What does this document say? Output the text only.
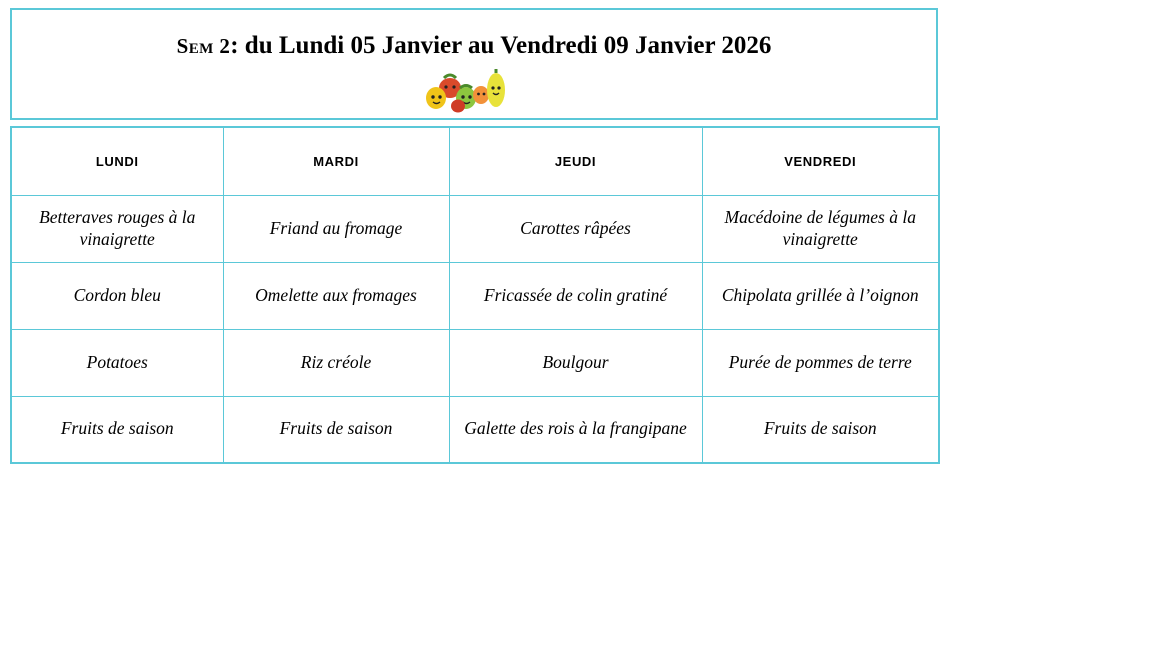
Sem 2: du Lundi 05 Janvier au Vendredi 09 Janvier 2026
LUNDI	MARDI	JEUDI	VENDREDI
Betteraves rouges à la vinaigrette	Friand au fromage	Carottes râpées	Macédoine de légumes à la vinaigrette
Cordon bleu	Omelette aux fromages	Fricassée de colin gratiné	Chipolata grillée à l’oignon
Potatoes	Riz créole	Boulgour	Purée de pommes de terre
Fruits de saison	Fruits de saison	Galette des rois à la frangipane	Fruits de saison
